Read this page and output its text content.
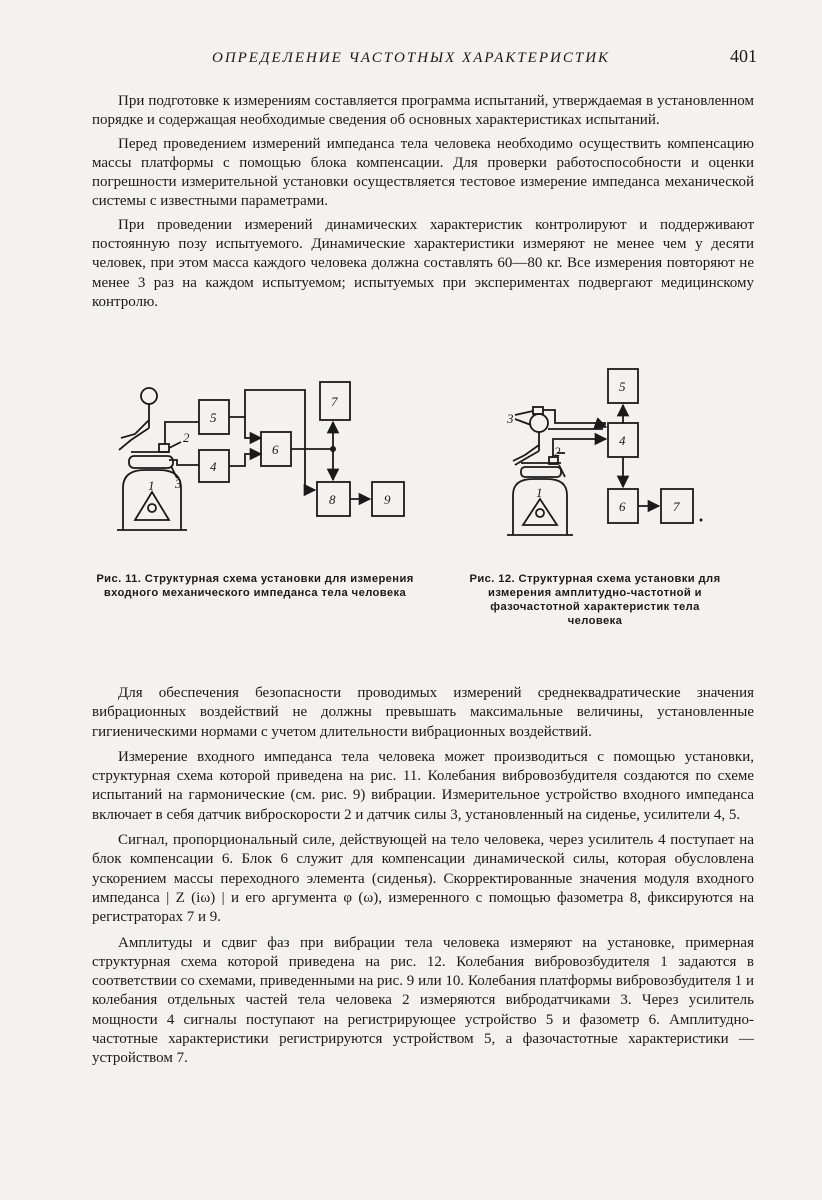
ОПРЕДЕЛЕНИЕ ЧАСТОТНЫХ ХАРАКТЕРИСТИК	401

При подготовке к измерениям составляется программа испытаний, утверждаемая в установленном порядке и содержащая необходимые сведения об основных характеристиках испытаний.

Перед проведением измерений импеданса тела человека необходимо осуществить компенсацию массы платформы с помощью блока компенсации. Для проверки работоспособности и оценки погрешности измерительной установки осуществляется тестовое измерение импеданса механической системы с известными параметрами.

При проведении измерений динамических характеристик контролируют и поддерживают постоянную позу испытуемого. Динамические характеристики измеряют не менее чем у десяти человек, при этом масса каждого человека должна составлять 60—80 кг. Все измерения повторяют не менее 3 раз на каждом испытуемом; испытуемых при экспериментах подвергают медицинскому контролю.

1
2
3
4
5
6
7
8	9	1
2
3
4
5
6	7
Рис. 11. Структурная схема установки для измерения входного механического импеданса тела человека
Рис. 12. Структурная схема установки для измерения амплитудно-частотной и фазочастотной характеристик тела человека

Для обеспечения безопасности проводимых измерений среднеквадратические значения вибрационных воздействий не должны превышать максимальные величины, установленные гигиеническими нормами с учетом длительности вибрационных воздействий.

Измерение входного импеданса тела человека может производиться с помощью установки, структурная схема которой приведена на рис. 11. Колебания вибровозбудителя создаются по схеме испытаний на гармонические (см. рис. 9) вибрации. Измерительное устройство входного импеданса включает в себя датчик виброскорости 2 и датчик силы 3, установленный на сиденье, усилители 4, 5.

Сигнал, пропорциональный силе, действующей на тело человека, через усилитель 4 поступает на блок компенсации 6. Блок 6 служит для компенсации динамической силы, которая обусловлена ускорением массы переходного элемента (сиденья). Скорректированные значения модуля входного импеданса | Z (iω) | и его аргумента φ (ω), измеренного с помощью фазометра 8, фиксируются на регистраторах 7 и 9.

Амплитуды и сдвиг фаз при вибрации тела человека измеряют на установке, примерная структурная схема которой приведена на рис. 12. Колебания вибровозбудителя 1 задаются в соответствии со схемами, приведенными на рис. 9 или 10. Колебания платформы вибровозбудителя 1 и колебания отдельных частей тела человека 2 измеряются вибродатчиками 3. Через усилитель мощности 4 сигналы поступают на регистрирующее устройство 5 и фазометр 6. Амплитудно-частотные характеристики регистрируются устройством 5, а фазочастотные характеристики — устройством 7.
